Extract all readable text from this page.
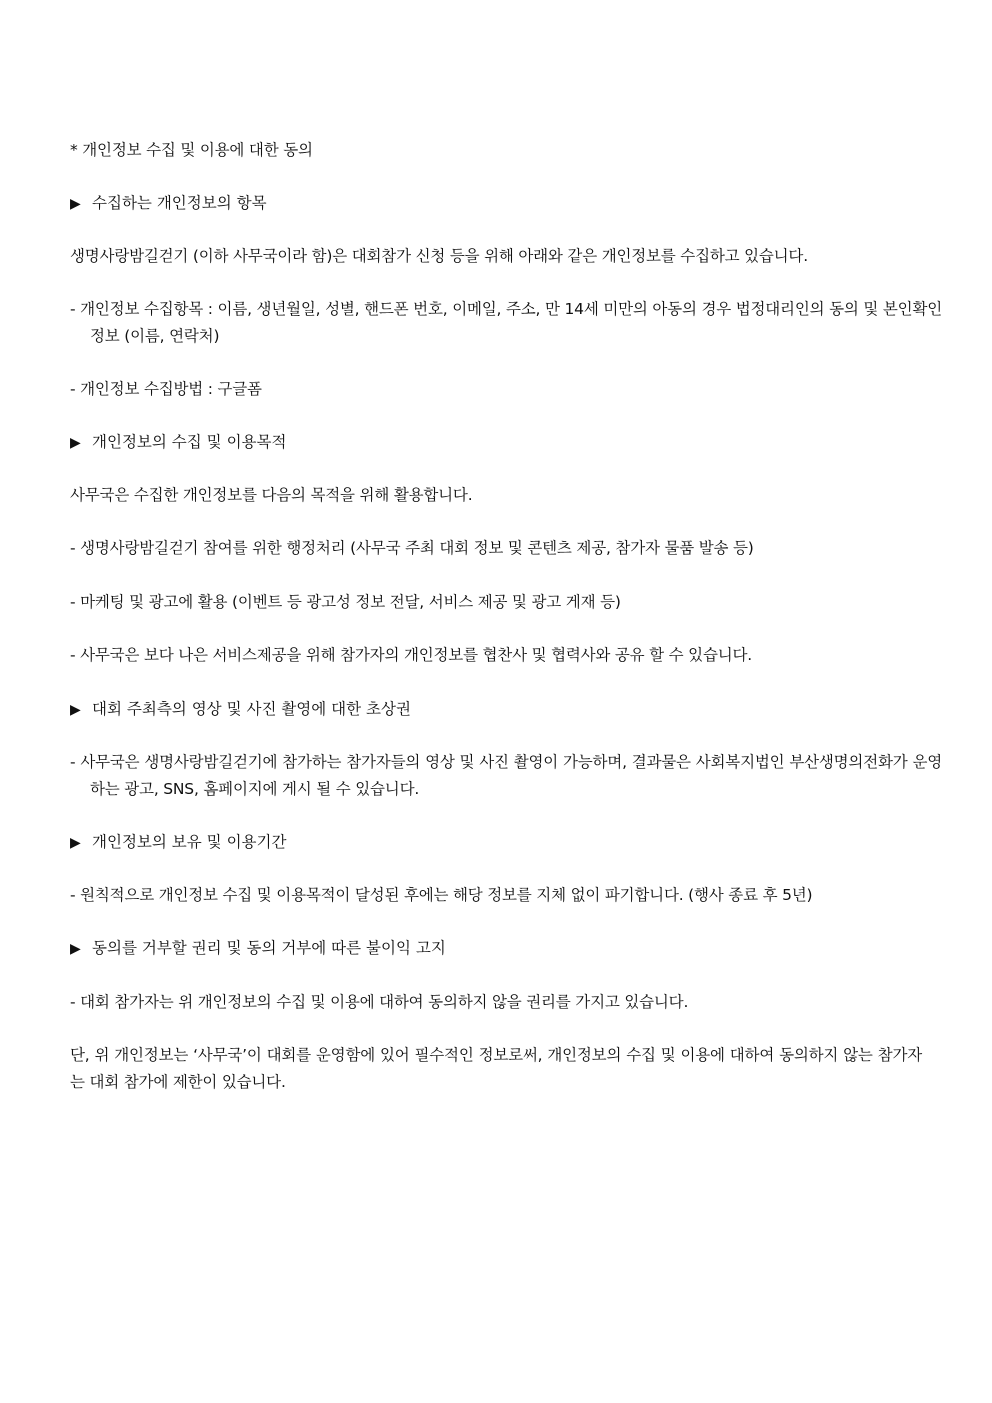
* 개인정보 수집 및 이용에 대한 동의
▶ 수집하는 개인정보의 항목
생명사랑밤길걷기 (이하 사무국이라 함)은 대회참가 신청 등을 위해 아래와 같은 개인정보를 수집하고 있습니다.
- 개인정보 수집항목 : 이름, 생년월일, 성별, 핸드폰 번호, 이메일, 주소, 만 14세 미만의 아동의 경우 법정대리인의 동의 및 본인확인 정보 (이름, 연락처)
- 개인정보 수집방법 : 구글폼
▶ 개인정보의 수집 및 이용목적
사무국은 수집한 개인정보를 다음의 목적을 위해 활용합니다.
- 생명사랑밤길걷기 참여를 위한 행정처리 (사무국 주최 대회 정보 및 콘텐츠 제공, 참가자 물품 발송 등)
- 마케팅 및 광고에 활용 (이벤트 등 광고성 정보 전달, 서비스 제공 및 광고 게재 등)
- 사무국은 보다 나은 서비스제공을 위해 참가자의 개인정보를 협찬사 및 협력사와 공유 할 수 있습니다.
▶ 대회 주최측의 영상 및 사진 촬영에 대한 초상권
- 사무국은 생명사랑밤길걷기에 참가하는 참가자들의 영상 및 사진 촬영이 가능하며, 결과물은 사회복지법인 부산생명의전화가 운영하는 광고, SNS, 홈페이지에 게시 될 수 있습니다.
▶ 개인정보의 보유 및 이용기간
- 원칙적으로 개인정보 수집 및 이용목적이 달성된 후에는 해당 정보를 지체 없이 파기합니다. (행사 종료 후 5년)
▶ 동의를 거부할 권리 및 동의 거부에 따른 불이익 고지
- 대회 참가자는 위 개인정보의 수집 및 이용에 대하여 동의하지 않을 권리를 가지고 있습니다.
단, 위 개인정보는 ‘사무국’이 대회를 운영함에 있어 필수적인 정보로써, 개인정보의 수집 및 이용에 대하여 동의하지 않는 참가자는 대회 참가에 제한이 있습니다.
